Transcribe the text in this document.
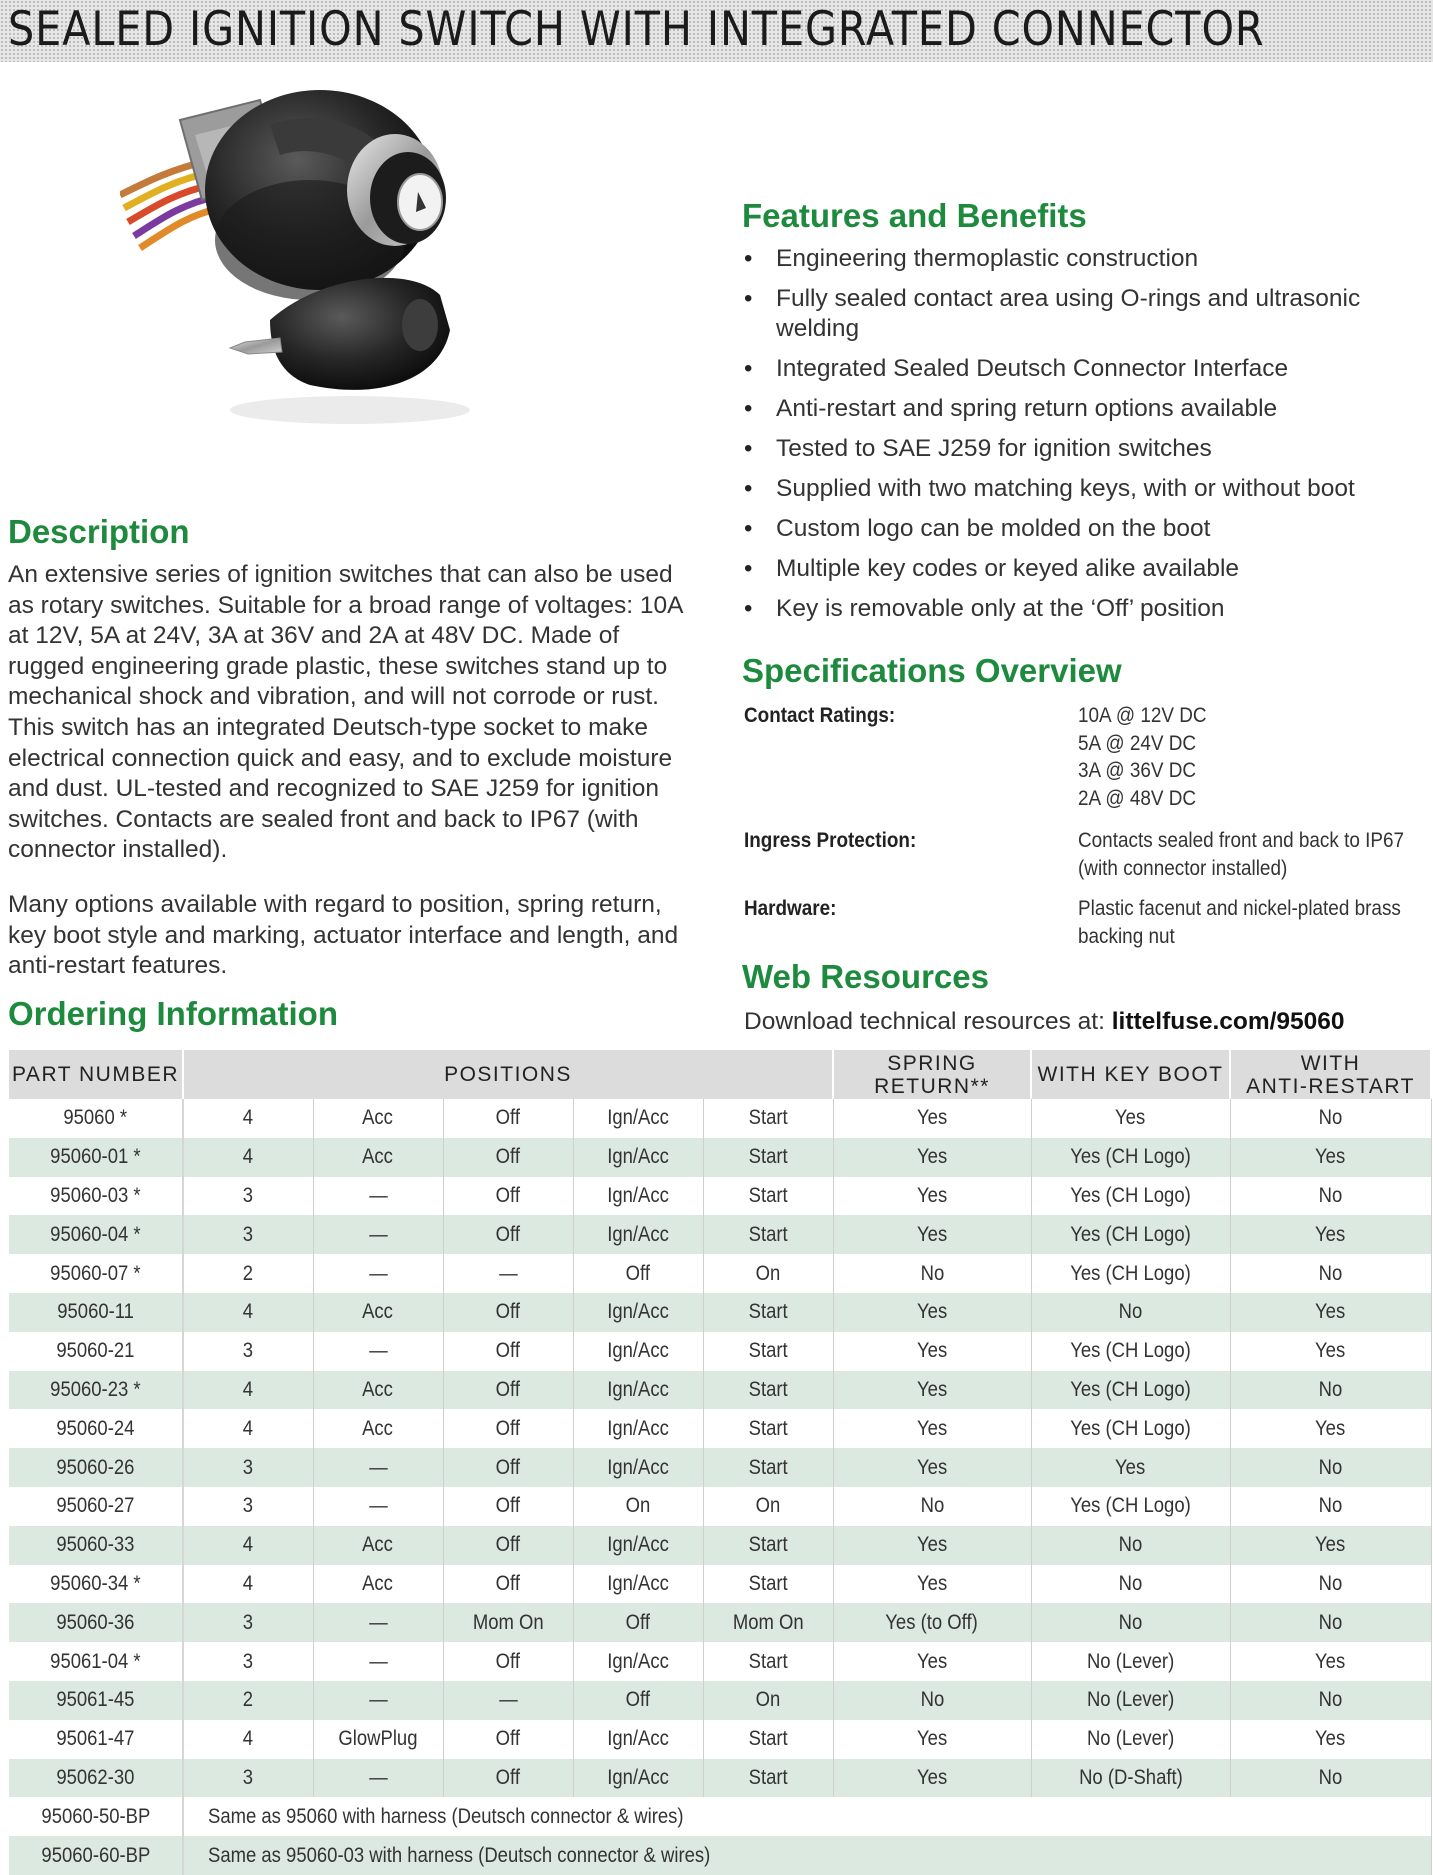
SEALED IGNITION SWITCH WITH INTEGRATED CONNECTOR
Description

An extensive series of ignition switches that can also be used as rotary switches. Suitable for a broad range of voltages: 10A at 12V, 5A at 24V, 3A at 36V and 2A at 48V DC. Made of rugged engineering grade plastic, these switches stand up to mechanical shock and vibration, and will not corrode or rust. This switch has an integrated Deutsch-type socket to make electrical connection quick and easy, and to exclude moisture and dust. UL-tested and recognized to SAE J259 for ignition switches. Contacts are sealed front and back to IP67 (with connector installed).

Many options available with regard to position, spring return, key boot style and marking, actuator interface and length, and anti-restart features.

Features and Benefits
• Engineering thermoplastic construction
• Fully sealed contact area using O-rings and ultrasonic welding
• Integrated Sealed Deutsch Connector Interface
• Anti-restart and spring return options available
• Tested to SAE J259 for ignition switches
• Supplied with two matching keys, with or without boot
• Custom logo can be molded on the boot
• Multiple key codes or keyed alike available
• Key is removable only at the ‘Off’ position
Specifications Overview
Contact Ratings:	10A @ 12V DC
5A @ 24V DC
3A @ 36V DC
2A @ 48V DC
Ingress Protection:	Contacts sealed front and back to IP67
(with connector installed)
Hardware:	Plastic facenut and nickel-plated brass
backing nut
Web Resources
Download technical resources at: littelfuse.com/95060
Ordering Information
PART NUMBER	POSITIONS					SPRING RETURN**	WITH KEY BOOT	WITH
ANTI-RESTART

95060 *	4	Acc	Off	Ign/Acc	Start	Yes	Yes	No
95060-01 *	4	Acc	Off	Ign/Acc	Start	Yes	Yes (CH Logo)	Yes
95060-03 *	3	—	Off	Ign/Acc	Start	Yes	Yes (CH Logo)	No
95060-04 *	3	—	Off	Ign/Acc	Start	Yes	Yes (CH Logo)	Yes
95060-07 *	2	—	—	Off	On	No	Yes (CH Logo)	No
95060-11	4	Acc	Off	Ign/Acc	Start	Yes	No	Yes
95060-21	3	—	Off	Ign/Acc	Start	Yes	Yes (CH Logo)	Yes
95060-23 *	4	Acc	Off	Ign/Acc	Start	Yes	Yes (CH Logo)	No
95060-24	4	Acc	Off	Ign/Acc	Start	Yes	Yes (CH Logo)	Yes
95060-26	3	—	Off	Ign/Acc	Start	Yes	Yes	No
95060-27	3	—	Off	On	On	No	Yes (CH Logo)	No
95060-33	4	Acc	Off	Ign/Acc	Start	Yes	No	Yes
95060-34 *	4	Acc	Off	Ign/Acc	Start	Yes	No	No
95060-36	3	—	Mom On	Off	Mom On	Yes (to Off)	No	No
95061-04 *	3	—	Off	Ign/Acc	Start	Yes	No (Lever)	Yes
95061-45	2	—	—	Off	On	No	No (Lever)	No
95061-47	4	GlowPlug	Off	Ign/Acc	Start	Yes	No (Lever)	Yes
95062-30	3	—	Off	Ign/Acc	Start	Yes	No (D-Shaft)	No
95060-50-BP	Same as 95060 with harness (Deutsch connector & wires)							
95060-60-BP	Same as 95060-03 with harness (Deutsch connector & wires)							
